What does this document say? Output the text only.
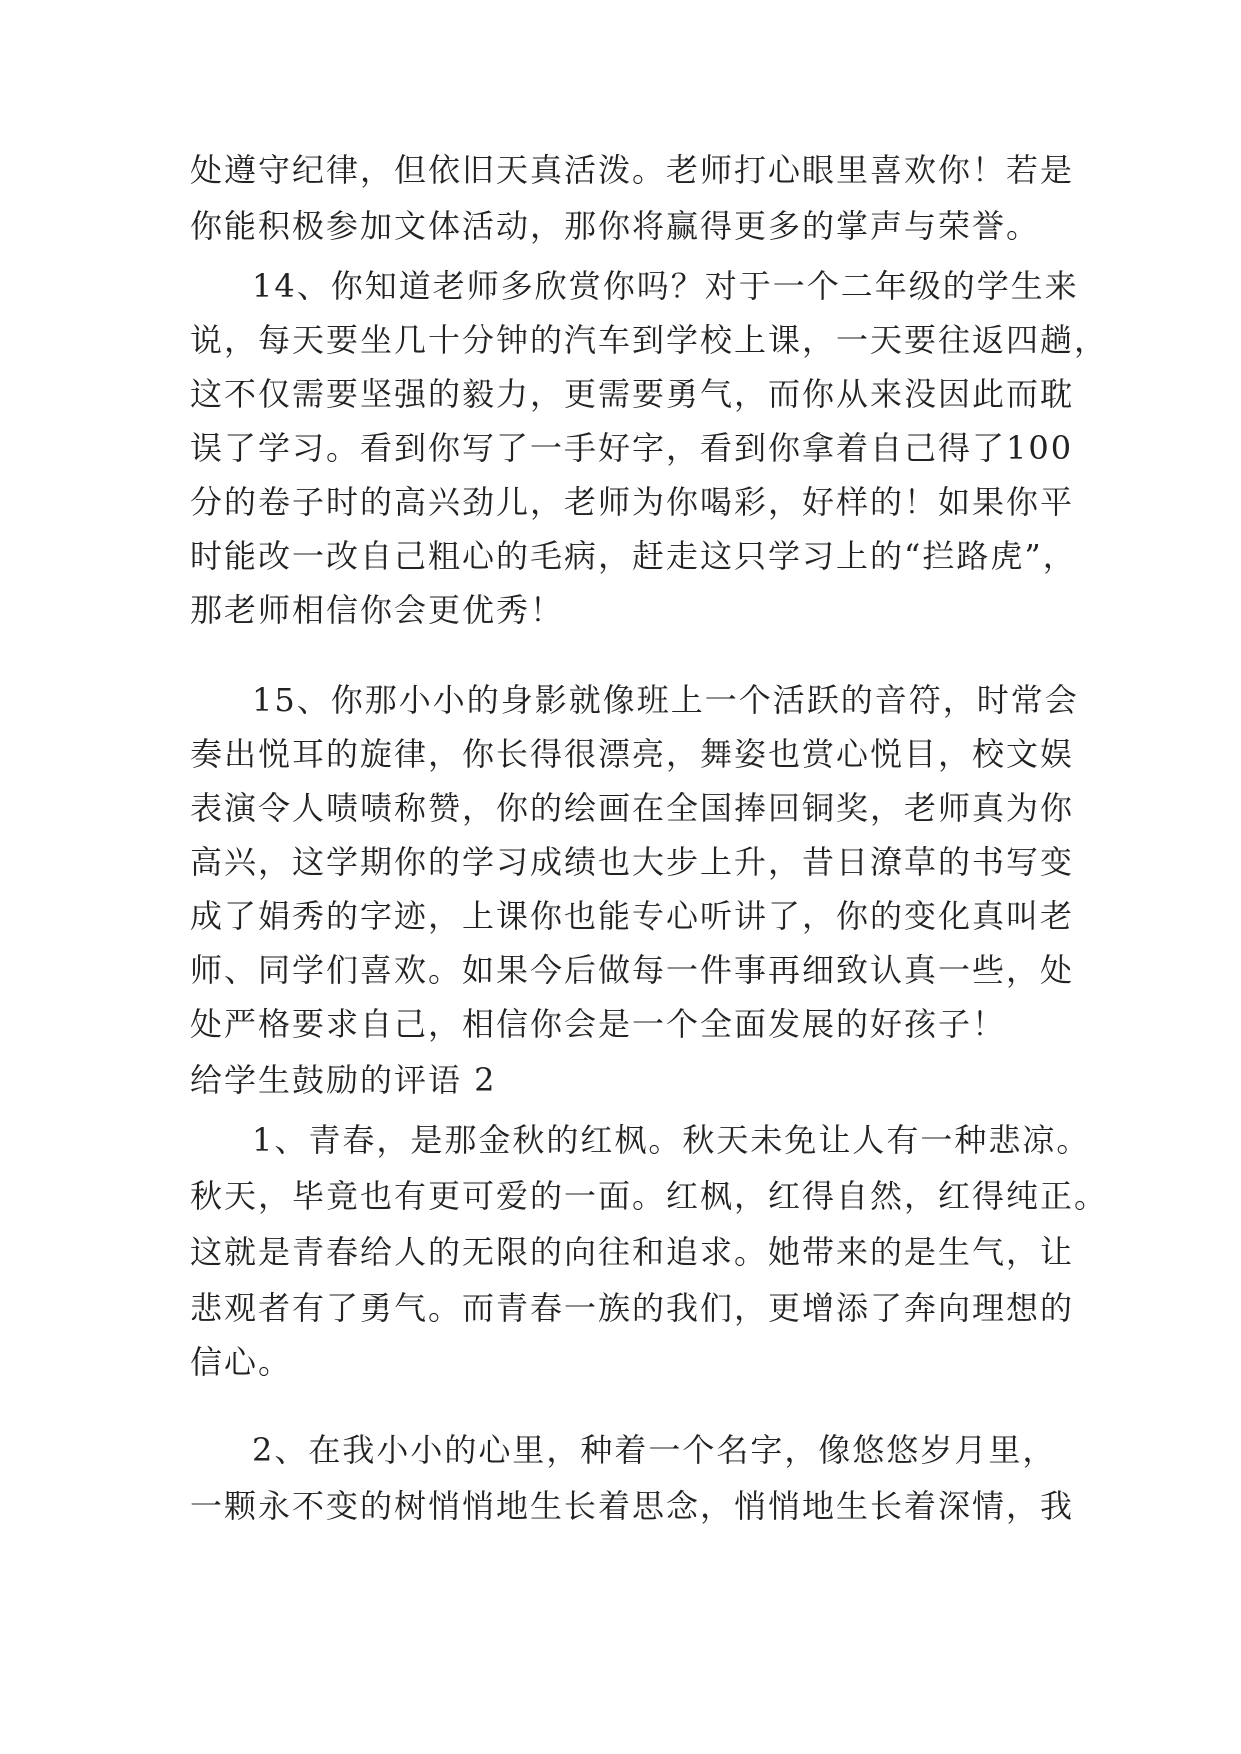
处遵守纪律，但依旧天真活泼。老师打心眼里喜欢你！若是
你能积极参加文体活动，那你将赢得更多的掌声与荣誉。
14、你知道老师多欣赏你吗？对于一个二年级的学生来
说，每天要坐几十分钟的汽车到学校上课，一天要往返四趟，
这不仅需要坚强的毅力，更需要勇气，而你从来没因此而耽
误了学习。看到你写了一手好字，看到你拿着自己得了100
分的卷子时的高兴劲儿，老师为你喝彩，好样的！如果你平
时能改一改自己粗心的毛病，赶走这只学习上的“拦路虎”，
那老师相信你会更优秀！
15、你那小小的身影就像班上一个活跃的音符，时常会
奏出悦耳的旋律，你长得很漂亮，舞姿也赏心悦目，校文娱
表演令人啧啧称赞，你的绘画在全国捧回铜奖，老师真为你
高兴，这学期你的学习成绩也大步上升，昔日潦草的书写变
成了娟秀的字迹，上课你也能专心听讲了，你的变化真叫老
师、同学们喜欢。如果今后做每一件事再细致认真一些，处
处严格要求自己，相信你会是一个全面发展的好孩子！
给学生鼓励的评语 2
1、青春，是那金秋的红枫。秋天未免让人有一种悲凉。
秋天，毕竟也有更可爱的一面。红枫，红得自然，红得纯正。
这就是青春给人的无限的向往和追求。她带来的是生气，让
悲观者有了勇气。而青春一族的我们，更增添了奔向理想的
信心。
2、在我小小的心里，种着一个名字，像悠悠岁月里，
一颗永不变的树悄悄地生长着思念，悄悄地生长着深情，我
